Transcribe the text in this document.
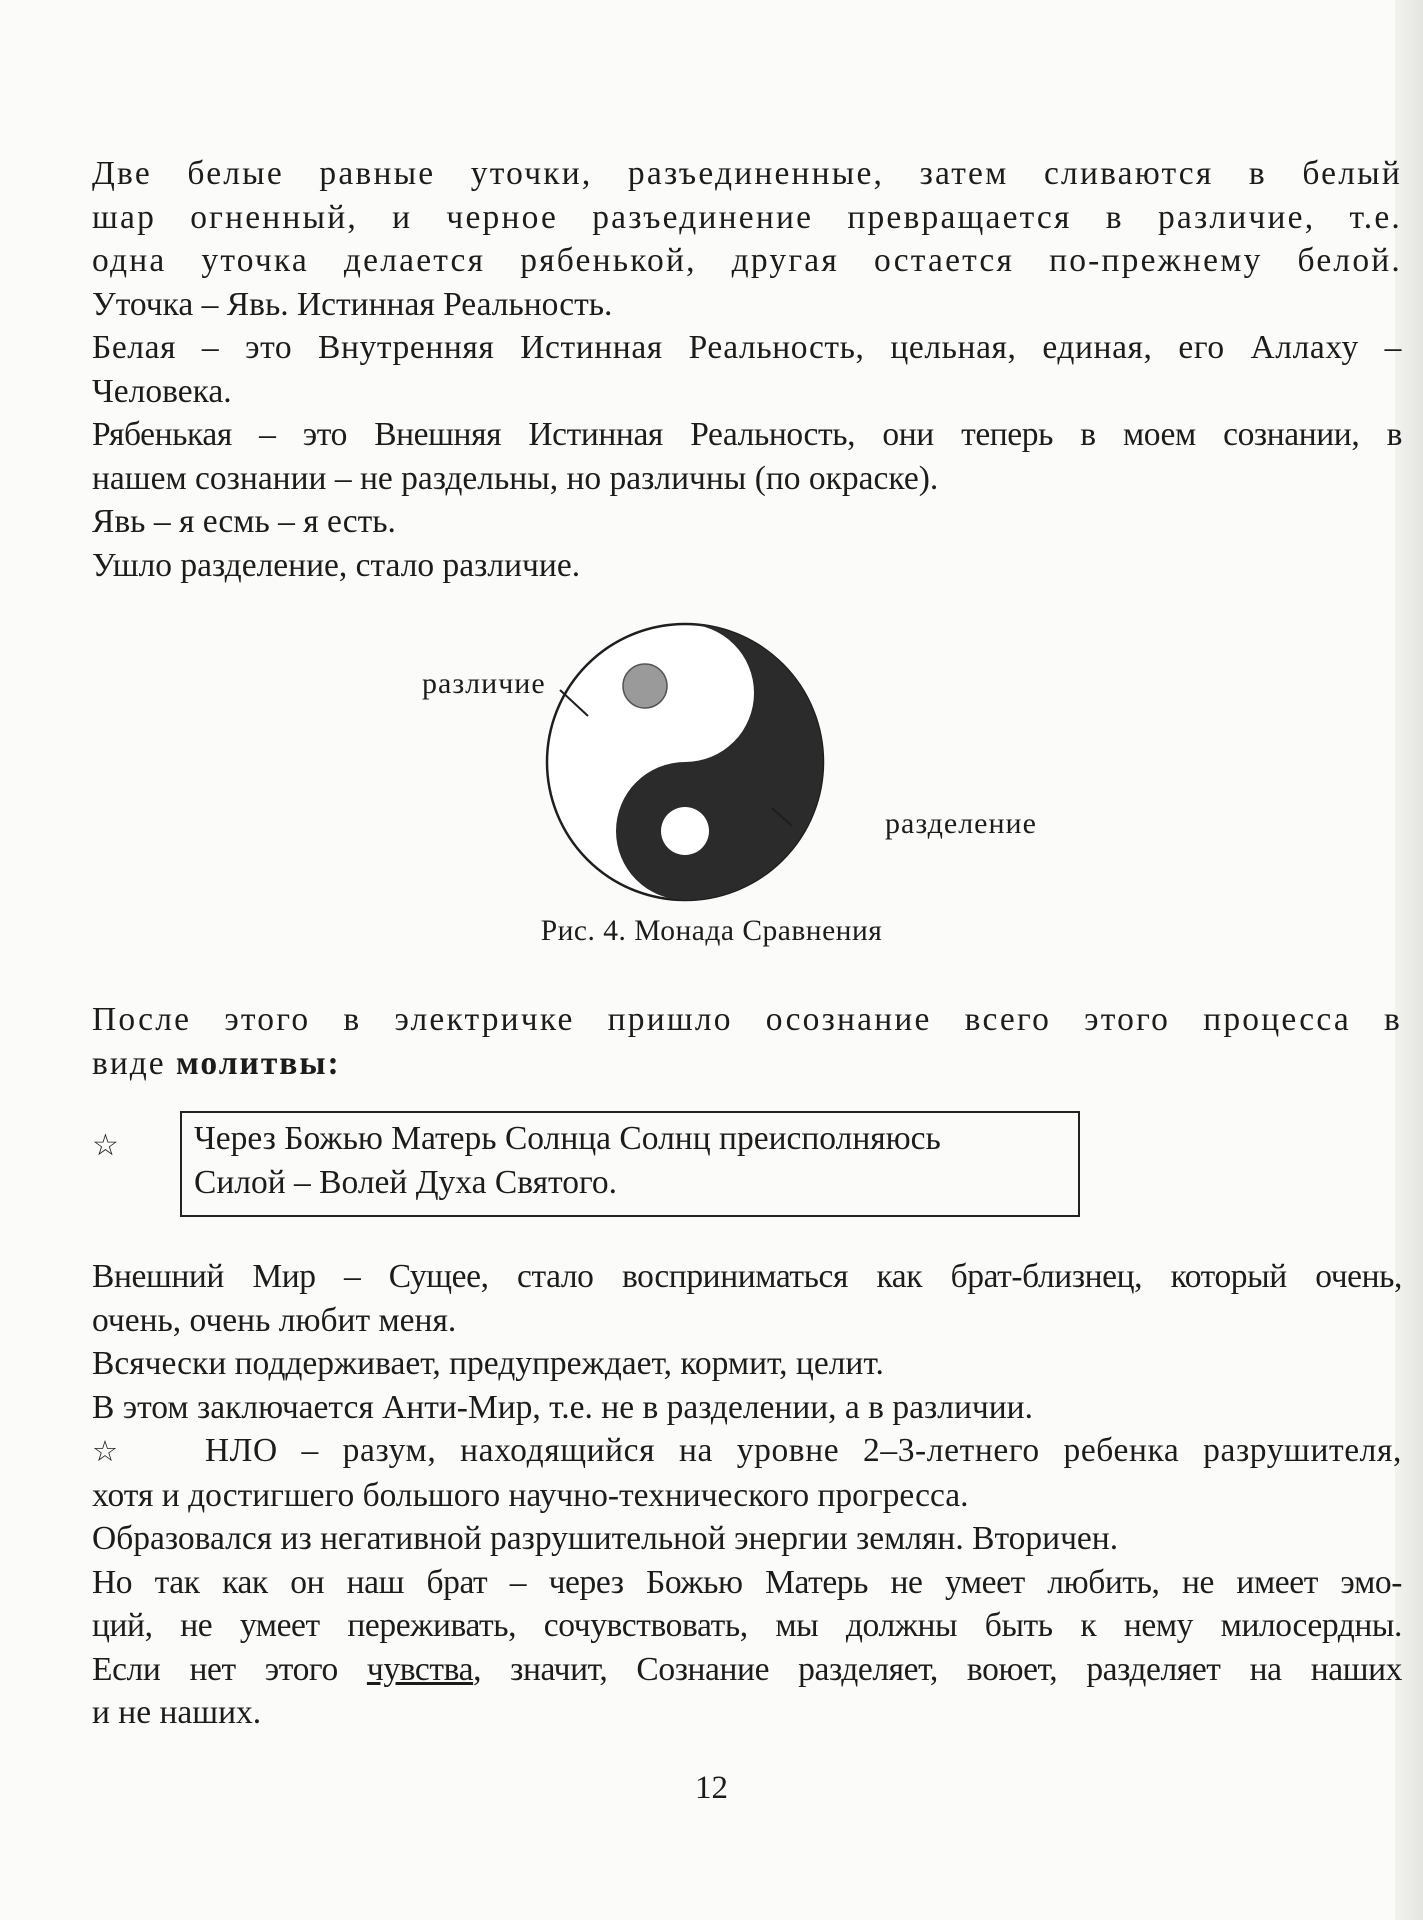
Две белые равные уточки, разъединенные, затем сливаются в белый

шар огненный, и черное разъединение превращается в различие, т.е.

одна уточка делается рябенькой, другая остается по-прежнему белой.

Уточка – Явь. Истинная Реальность.

Белая – это Внутренняя Истинная Реальность, цельная, единая, его Аллаху –

Человека.

Рябенькая – это Внешняя Истинная Реальность, они теперь в моем сознании, в

нашем сознании – не раздельны, но различны (по окраске).

Явь – я есмь – я есть.

Ушло разделение, стало различие.

различие
разделение
Рис. 4. Монада Сравнения

После этого в электричке пришло осознание всего этого процесса в

виде молитвы:

☆ Через Божью Матерь Солнца Солнц преисполняюсь
Силой – Волей Духа Святого.

Внешний Мир – Сущее, стало восприниматься как брат-близнец, который очень,

очень, очень любит меня.

Всячески поддерживает, предупреждает, кормит, целит.

В этом заключается Анти-Мир, т.е. не в разделении, а в различии.

☆ НЛО – разум, находящийся на уровне 2–3-летнего ребенка разрушителя,

хотя и достигшего большого научно-технического прогресса.

Образовался из негативной разрушительной энергии землян. Вторичен.

Но так как он наш брат – через Божью Матерь не умеет любить, не имеет эмо-

ций, не умеет переживать, сочувствовать, мы должны быть к нему милосердны.

Если нет этого чувства, значит, Сознание разделяет, воюет, разделяет на наших

и не наших.

12
